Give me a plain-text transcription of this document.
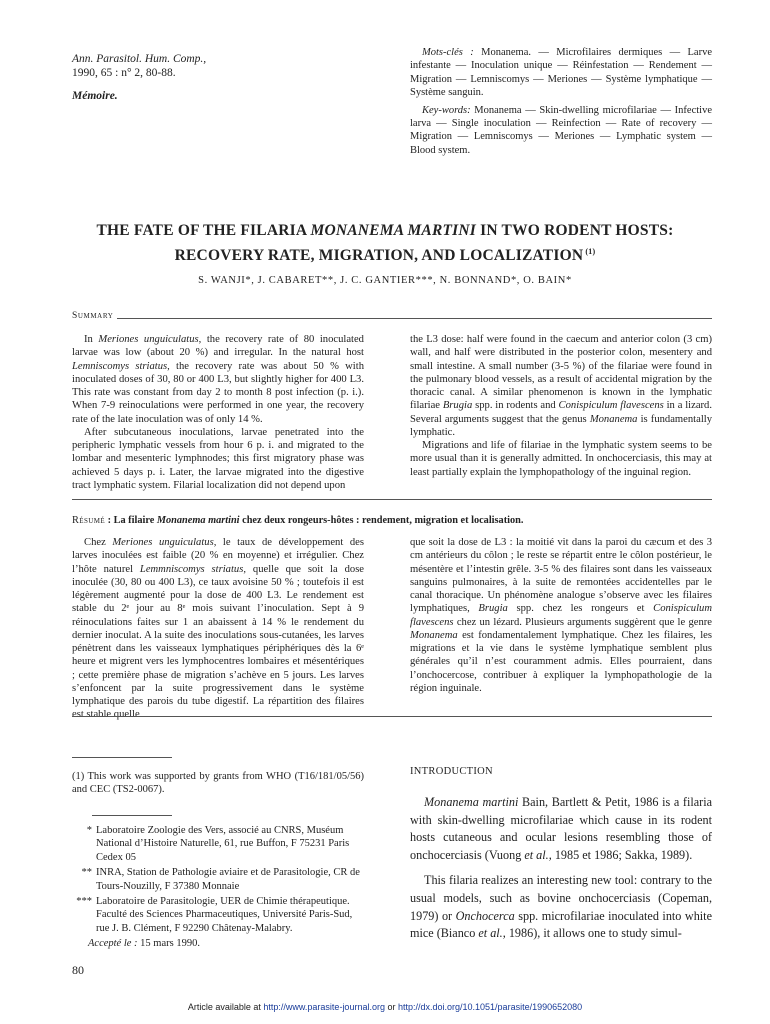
Ann. Parasitol. Hum. Comp.,
1990, 65 : n° 2, 80-88.
Mémoire.

Mots-clés : Monanema. — Microfilaires dermiques — Larve infestante — Inoculation unique — Réinfestation — Rendement — Migration — Lemniscomys — Meriones — Système lymphatique — Système sanguin.

Key-words: Monanema — Skin-dwelling microfilariae — Infective larva — Single inoculation — Reinfection — Rate of recovery — Migration — Lemniscomys — Meriones — Lymphatic system — Blood system.

THE FATE OF THE FILARIA MONANEMA MARTINI IN TWO RODENT HOSTS: RECOVERY RATE, MIGRATION, AND LOCALIZATION $^{(1)}$
S. WANJI*, J. CABARET**, J. C. GANTIER***, N. BONNAND*, O. BAIN*
Summary

In Meriones unguiculatus, the recovery rate of 80 inoculated larvae was low (about 20 %) and irregular. In the natural host Lemniscomys striatus, the recovery rate was about 50 % with inoculated doses of 30, 80 or 400 L3, but slightly higher for 400 L3. This rate was constant from day 2 to month 8 post infection (p. i.). When 7-9 reinoculations were performed in one year, the recovery rate of the late inoculation was of only 14 %.

After subcutaneous inoculations, larvae penetrated into the peripheric lymphatic vessels from hour 6 p. i. and migrated to the lombar and mesenteric lymphnodes; this first migratory phase was achieved 5 days p. i. Later, the larvae migrated into the digestive tract lymphatic system. Filarial localization did not depend upon

the L3 dose: half were found in the caecum and anterior colon (3 cm) wall, and half were distributed in the posterior colon, mesentery and small intestine. A small number (3-5 %) of the filariae were found in the pulmonary blood vessels, as a result of accidental migration by the thoracic canal. A similar phenomenon is known in the lymphatic filariae Brugia spp. in rodents and Conispiculum flavescens in a lizard. Several arguments suggest that the genus Monanema is fundamentally lymphatic.

Migrations and life of filariae in the lymphatic system seems to be more usual than it is generally admitted. In onchocerciasis, this may at least partially explain the lymphopathology of the inguinal region.

Résumé : La filaire Monanema martini chez deux rongeurs-hôtes : rendement, migration et localisation.

Chez Meriones unguiculatus, le taux de développement des larves inoculées est faible (20 % en moyenne) et irrégulier. Chez l’hôte naturel Lemmniscomys striatus, quelle que soit la dose inoculée (30, 80 ou 400 L3), ce taux avoisine 50 % ; toutefois il est légèrement augmenté pour la dose de 400 L3. Le rendement est stable du 2ᵉ jour au 8ᵉ mois suivant l’inoculation. Sept à 9 réinoculations faites sur 1 an abaissent à 14 % le rendement du dernier inoculat. A la suite des inoculations sous-cutanées, les larves pénètrent dans les vaisseaux lymphatiques périphériques dès la 6ᵉ heure et migrent vers les lymphocentres lombaires et mésentériques ; cette première phase de migration s’achève en 5 jours. Les larves s’enfoncent par la suite progressivement dans le système lymphatique des parois du tube digestif. La répartition des filaires est stable quelle

que soit la dose de L3 : la moitié vit dans la paroi du cæcum et des 3 cm antérieurs du côlon ; le reste se répartit entre le côlon postérieur, le mésentère et l’intestin grêle. 3-5 % des filaires sont dans les vaisseaux sanguins pulmonaires, à la suite de remontées accidentelles par le canal thoracique. Un phénomène analogue s’observe avec les filaires lymphatiques, Brugia spp. chez les rongeurs et Conispiculum flavescens chez un lézard. Plusieurs arguments suggèrent que le genre Monanema est fondamentalement lymphatique. Chez les filaires, les migrations et la vie dans le système lymphatique semblent plus générales qu’il n’est couramment admis. Elles pourraient, dans l’onchocercose, contribuer à expliquer la lymphopathologie de la région inguinale.

(1) This work was supported by grants from WHO (T16/181/05/56) and CEC (TS2-0067).
* Laboratoire Zoologie des Vers, associé au CNRS, Muséum National d’Histoire Naturelle, 61, rue Buffon, F 75231 Paris Cedex 05
** INRA, Station de Pathologie aviaire et de Parasitologie, CR de Tours-Nouzilly, F 37380 Monnaie
*** Laboratoire de Parasitologie, UER de Chimie thérapeutique. Faculté des Sciences Pharmaceutiques, Université Paris-Sud, rue J. B. Clément, F 92290 Châtenay-Malabry.
Accepté le : 15 mars 1990.
INTRODUCTION

Monanema martini Bain, Bartlett & Petit, 1986 is a filaria with skin-dwelling microfilariae which cause in its rodent hosts cutaneous and ocular lesions resembling those of onchocerciasis (Vuong et al., 1985 et 1986; Sakka, 1989).

This filaria realizes an interesting new tool: contrary to the usual models, such as bovine onchocerciasis (Copeman, 1979) or Onchocerca spp. microfilariae inoculated into white mice (Bianco et al., 1986), it allows one to study simul-

80
Article available at http://www.parasite-journal.org or http://dx.doi.org/10.1051/parasite/1990652080
